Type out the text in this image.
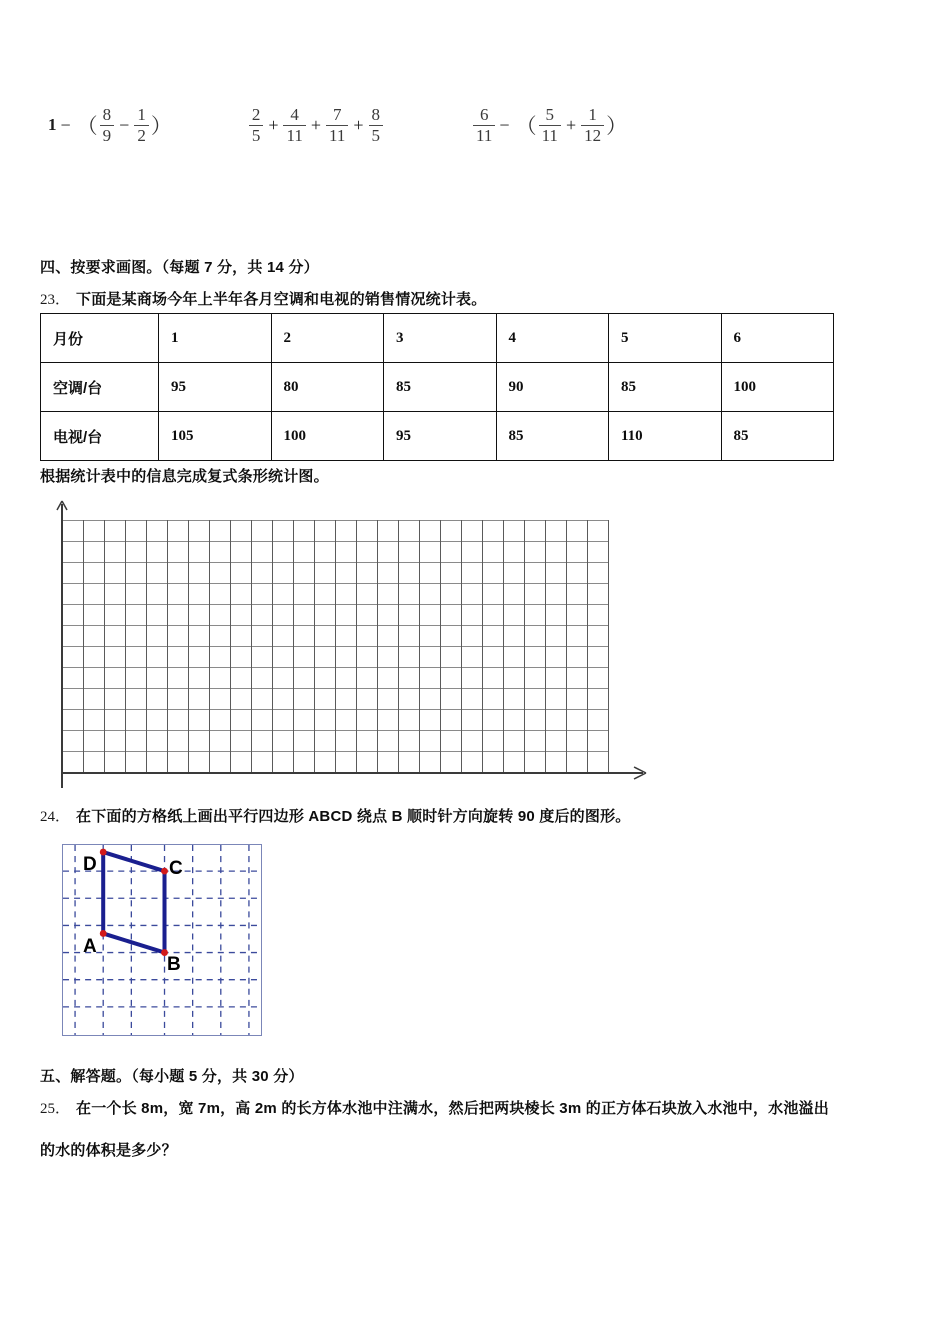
1 − （ $\frac{8}{9} - \frac{1}{2}$ ）	$\frac{2}{5} + \frac{4}{11} + \frac{7}{11} + \frac{8}{5}$	$\frac{6}{11}$ − （ $\frac{5}{11} + \frac{1}{12}$ ）
四、按要求画图。（每题 7 分，共 14 分）
23． 下面是某商场今年上半年各月空调和电视的销售情况统计表。
月份	1	2	3	4	5	6
空调/台	95	80	85	90	85	100
电视/台	105	100	95	85	110	85
根据统计表中的信息完成复式条形统计图。
24． 在下面的方格纸上画出平行四边形 ABCD 绕点 B 顺时针方向旋转 90 度后的图形。
D	C
A
B
五、解答题。（每小题 5 分，共 30 分）
25． 在一个长 8m，宽 7m，高 2m 的长方体水池中注满水，然后把两块棱长 3m 的正方体石块放入水池中，水池溢出
的水的体积是多少？
